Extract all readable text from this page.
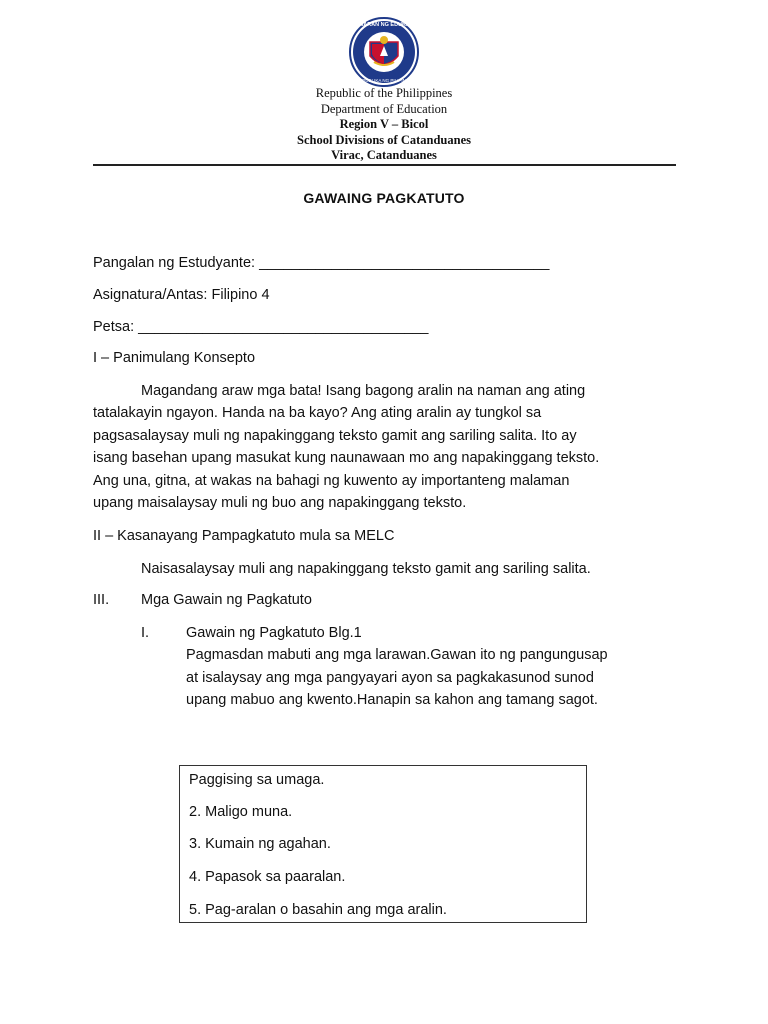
KAGAWARAN NG EDUKASYON
REPUBLIKA NG PILIPINAS
Republic of the Philippines
Department of Education
Region V – Bicol
School Divisions of Catanduanes
Virac, Catanduanes
GAWAING PAGKATUTO
Pangalan ng Estudyante: ____________________________________
Asignatura/Antas: Filipino 4
Petsa: ____________________________________
I – Panimulang Konsepto
Magandang araw mga bata! Isang bagong aralin na naman ang ating
tatalakayin ngayon. Handa na ba kayo? Ang ating aralin ay tungkol sa
pagsasalaysay muli ng napakinggang teksto gamit ang sariling salita. Ito ay
isang basehan upang masukat kung naunawaan mo ang napakinggang teksto.
Ang una, gitna, at wakas na bahagi ng kuwento ay importanteng malaman
upang maisalaysay muli ng buo ang napakinggang teksto.
II – Kasanayang Pampagkatuto mula sa MELC
Naisasalaysay muli ang napakinggang teksto gamit ang sariling salita.
III. Mga Gawain ng Pagkatuto
I.	Gawain ng Pagkatuto Blg.1
Pagmasdan mabuti ang mga larawan.Gawan ito ng pangungusap
at isalaysay ang mga pangyayari ayon sa pagkakasunod sunod
upang mabuo ang kwento.Hanapin sa kahon ang tamang sagot.
Paggising sa umaga.
2. Maligo muna.
3. Kumain ng agahan.
4. Papasok sa paaralan.
5. Pag-aralan o basahin ang mga aralin.
